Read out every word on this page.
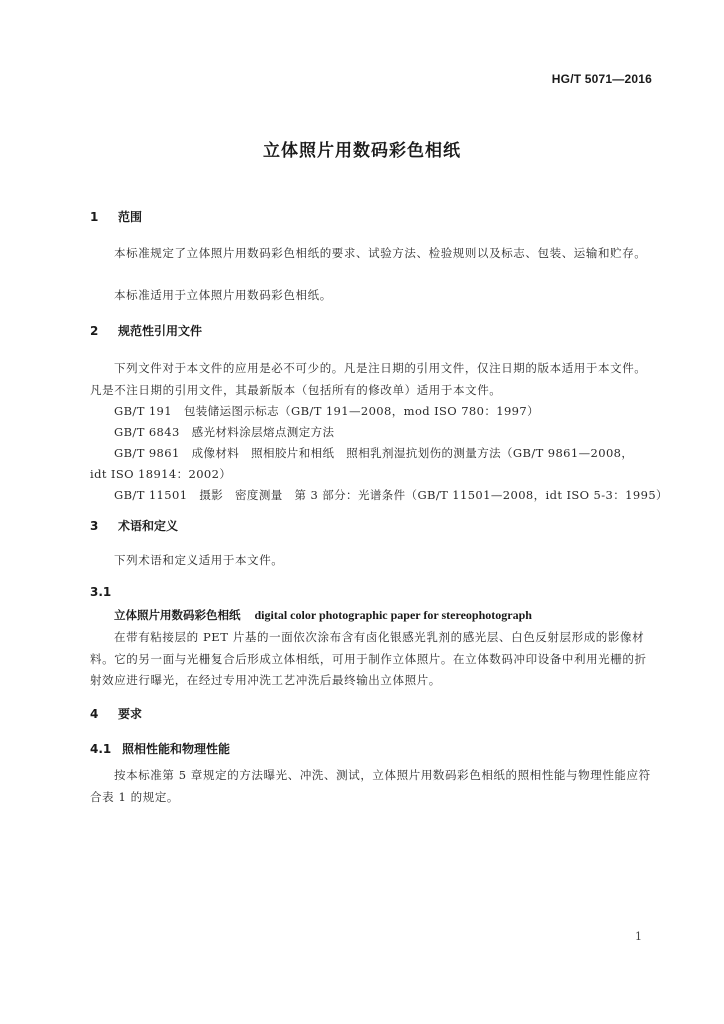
HG/T 5071—2016
立体照片用数码彩色相纸
1 范围
本标准规定了立体照片用数码彩色相纸的要求、试验方法、检验规则以及标志、包装、运输和贮存。
本标准适用于立体照片用数码彩色相纸。
2 规范性引用文件
下列文件对于本文件的应用是必不可少的。凡是注日期的引用文件，仅注日期的版本适用于本文件。凡是不注日期的引用文件，其最新版本（包括所有的修改单）适用于本文件。
GB/T 191　包装储运图示标志（GB/T 191—2008，mod ISO 780：1997）
GB/T 6843　感光材料涂层熔点测定方法
GB/T 9861　成像材料　照相胶片和相纸　照相乳剂湿抗划伤的测量方法（GB/T 9861—2008，
idt ISO 18914：2002）
GB/T 11501　摄影　密度测量　第 3 部分：光谱条件（GB/T 11501—2008，idt ISO 5-3：1995）
3 术语和定义
下列术语和定义适用于本文件。
3.1
立体照片用数码彩色相纸 digital color photographic paper for stereophotograph
在带有粘接层的 PET 片基的一面依次涂布含有卤化银感光乳剂的感光层、白色反射层形成的影像材料。它的另一面与光栅复合后形成立体相纸，可用于制作立体照片。在立体数码冲印设备中利用光栅的折射效应进行曝光，在经过专用冲洗工艺冲洗后最终输出立体照片。
4 要求
4.1 照相性能和物理性能
按本标准第 5 章规定的方法曝光、冲洗、测试，立体照片用数码彩色相纸的照相性能与物理性能应符合表 1 的规定。
1
